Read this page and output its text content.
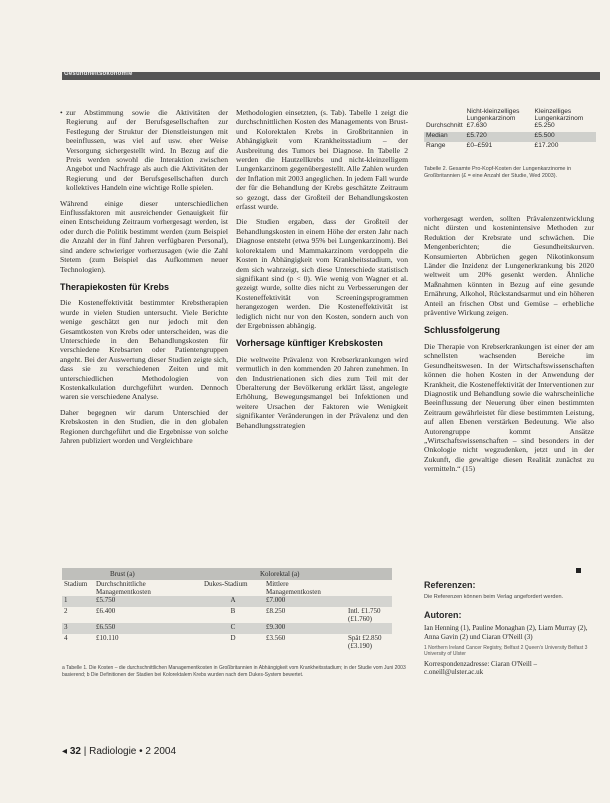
Gesundheitsökonomie

• zur Abstimmung sowie die Aktivitäten der Regierung auf der Berufsgesellschaften zur Festlegung der Struktur der Dienstleistungen mit beeinflussen, was viel auf usw. eher Weise Versorgung sichergestellt wird. In Bezug auf die Preis werden sowohl die Interaktion zwischen Angebot und Nachfrage als auch die Aktivitäten der Regierung und der Berufsgesellschaften durch kollektives Handeln eine wichtige Rolle spielen.

Während einige dieser unterschiedlichen Einflussfaktoren mit ausreichender Genauigkeit für einen Entscheidung Zeitraum vorhergesagt werden, ist oder durch die Politik bestimmt werden (zum Beispiel die Anzahl der in fünf Jahren verfügbaren Personal), sind andere schwieriger vorherzusagen (wie die Zahl Stetem (zum Beispiel das Aufkommen neuer Technologien).

Therapiekosten für Krebs

Die Kosteneffektivität bestimmter Krebstherapien wurde in vielen Studien untersucht. Viele Berichte wenige geschätzt gen nur jedoch mit den Gesamtkosten von Krebs oder unterscheiden, was die Unterschiede in den Behandlungskosten für verschiedene Krebsarten oder Patientengruppen angeht. Bei der Auswertung dieser Studien zeigte sich, dass sie zu verschiedenen Zeiten und mit unterschiedlichen Methodologien von Kostenkalkulation durchgeführt wurden. Dennoch waren sie verschiedene Analyse.

Daher begegnen wir darum Unterschied der Krebskosten in den Studien, die in den globalen Regionen durchgeführt und die Ergebnisse von solche Jahren publiziert worden und Vergleichbare

Methodologien einsetzten, (s. Tab). Tabelle 1 zeigt die durchschnittlichen Kosten des Managements von Brust- und Kolorektalen Krebs in Großbritannien in Abhängigkeit vom Krankheitsstadium – der Ausbreitung des Tumors bei Diagnose. In Tabelle 2 werden die Hautzellkrebs und nicht-kleinzelligem Lungenkarzinom gegenübergestellt. Alle Zahlen wurden der Inflation mit 2003 angeglichen. In jedem Fall wurde der für die Behandlung der Krebs geschätzte Zeitraum so gezogt, dass der Großteil der Behandlungskosten erfasst wurde.

Die Studien ergaben, dass der Großteil der Behandlungskosten in einem Höhe der ersten Jahr nach Diagnose entsteht (etwa 95% bei Lungenkarzinom). Bei kolorektalem und Mammakarzinom verdoppeln die Kosten in Abhängigkeit vom Krankheitsstadium, von dem sich wahrzeigt, sich diese Unterschiede statistisch signifikant sind (p < 0). Wie wenig von Wagner et al. gezeigt wurde, sollte dies nicht zu Verbesserungen der Kosteneffektivität von Screeningsprogrammen herangezogen werden. Die Kosteneffektivität ist lediglich nicht nur von den Kosten, sondern auch von der Ergebnissen abhängig.

Vorhersage künftiger Krebskosten

Die weltweite Prävalenz von Krebserkrankungen wird vermutlich in den kommenden 20 Jahren zunehmen. In den Industrienationen sich dies zum Teil mit der Überalterung der Bevölkerung erklärt lässt, angelegte Erhöhung, Bewegungsmangel bei Infektionen und weitere Ursachen der Faktoren wie Wenigkeit signifikanter Veränderungen in der Prävalenz und den Behandlungsstrategien

	Nicht-kleinzelliges Lungenkarzinom	Kleinzelliges Lungenkarzinom
Durchschnitt	£7.630	£5.250
Median	£5.720	£5.500
Range	£0–£591	£17.200
Tabelle 2. Gesamte Pro-Kopf-Kosten der Lungenkarzinome in Großbritannien (£ = eine Anzahl der Studie, Wed 2003).

vorhergesagt werden, sollten Prävalenzentwicklung nicht dürsten und kostenintensive Methoden zur Reduktion der Krebsrate und schwächen. Die Mengenberichten; die Gesundheitskurven. Konsumierten Abbrüchen gegen Nikotinkonsum Länder die Inzidenz der Lungenerkrankung bis 2020 weltweit um 20% gesenkt werden. Ähnliche Maßnahmen könnten in Bezug auf eine gesunde Ernährung, Alkohol, Rückstandsarmut und ein höheren Anteil an frischen Obst und Gemüse – erhebliche präventive Wirkung zeigen.

Schlussfolgerung

Die Therapie von Krebserkrankungen ist einer der am schnellsten wachsenden Bereiche im Gesundheitswesen. In der Wirtschaftswissenschaften können die hohen Kosten in der Anwendung der Krankheit, die Kosteneffektivität der Interventionen zur Diagnostik und Behandlung sowie die wahrscheinliche Beeinflussung der Neuerung über einen bestimmten Zeitraum gewährleistet für diese bestimmten Leistung, auf allen Ebenen verstärken Bedeutung. Wie also Autorengruppe kommt Ansätze „Wirtschaftswissenschaften – sind besonders in der Onkologie nicht wegzudenken, jetzt und in der Zukunft, die gewaltige diesen Realität zunächst zu vermitteln.“ (15)

Referenzen:
Die Referenzen können beim Verlag angefordert werden.
Autoren:
Ian Henning (1), Pauline Monaghan (2), Liam Murray (2), Anna Gavin (2) und Ciaran O'Neill (3)
1 Northern Ireland Cancer Registry, Belfast 2 Queen's University Belfast 3 University of Ulster
Korrespondenzadresse: Ciaran O'Neill – c.oneill@ulster.ac.uk
Brust (a)	Kolorektal (a)
Stadium	Durchschnittliche Managementkosten	Dukes-Stadium	Mittlere Managementkosten	
1	£5.750	A	£7.000	
2	£6.400	B	£8.250	Intl. £1.750 (£1.760)
3	£6.550	C	£9.300	
4	£10.110	D	£3.560	Spät £2.850 (£3.190)
a Tabelle 1. Die Kosten – die durchschnittlichen Managementkosten in Großbritannien in Abhängigkeit vom Krankheitsstadium; in der Studie vom Juni 2003 basierend; b Die Definitionen der Stadien bei Kolorektalem Krebs wurden nach dem Dukes-System bewertet.
◂ 32 | Radiologie • 2 2004
